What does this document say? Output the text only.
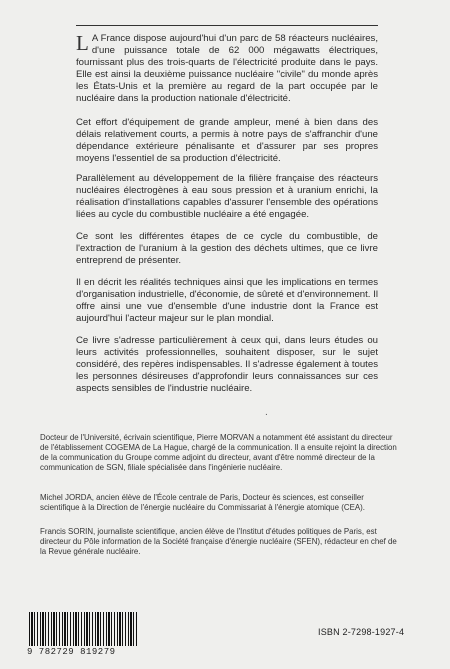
L A France dispose aujourd'hui d'un parc de 58 réacteurs nucléaires, d'une puissance totale de 62 000 mégawatts électriques, fournissant plus des trois-quarts de l'électricité produite dans le pays. Elle est ainsi la deuxième puissance nucléaire "civile" du monde après les États-Unis et la première au regard de la part occupée par le nucléaire dans la production nationale d'électricité.

Cet effort d'équipement de grande ampleur, mené à bien dans des délais relativement courts, a permis à notre pays de s'affranchir d'une dépendance extérieure pénalisante et d'assurer par ses propres moyens l'essentiel de sa production d'électricité.

Parallèlement au développement de la filière française des réacteurs nucléaires électrogènes à eau sous pression et à uranium enrichi, la réalisation d'installations capables d'assurer l'ensemble des opérations liées au cycle du combustible nucléaire a été engagée.

Ce sont les différentes étapes de ce cycle du combustible, de l'extraction de l'uranium à la gestion des déchets ultimes, que ce livre entreprend de présenter.

Il en décrit les réalités techniques ainsi que les implications en termes d'organisation industrielle, d'économie, de sûreté et d'environnement. Il offre ainsi une vue d'ensemble d'une industrie dont la France est aujourd'hui l'acteur majeur sur le plan mondial.

Ce livre s'adresse particulièrement à ceux qui, dans leurs études ou leurs activités professionnelles, souhaitent disposer, sur le sujet considéré, des repères indispensables. Il s'adresse également à toutes les personnes désireuses d'approfondir leurs connaissances sur ces aspects sensibles de l'industrie nucléaire.

.

Docteur de l'Université, écrivain scientifique, Pierre MORVAN a notamment été assistant du directeur de l'établissement COGEMA de La Hague, chargé de la communication. Il a ensuite rejoint la direction de la communication du Groupe comme adjoint du directeur, avant d'être nommé directeur de la communication de SGN, filiale spécialisée dans l'ingénierie nucléaire.

Michel JORDA, ancien élève de l'École centrale de Paris, Docteur ès sciences, est conseiller scientifique à la Direction de l'énergie nucléaire du Commissariat à l'énergie atomique (CEA).

Francis SORIN, journaliste scientifique, ancien élève de l'Institut d'études politiques de Paris, est directeur du Pôle information de la Société française d'énergie nucléaire (SFEN), rédacteur en chef de la Revue générale nucléaire.

9 782729 819279
ISBN 2-7298-1927-4
